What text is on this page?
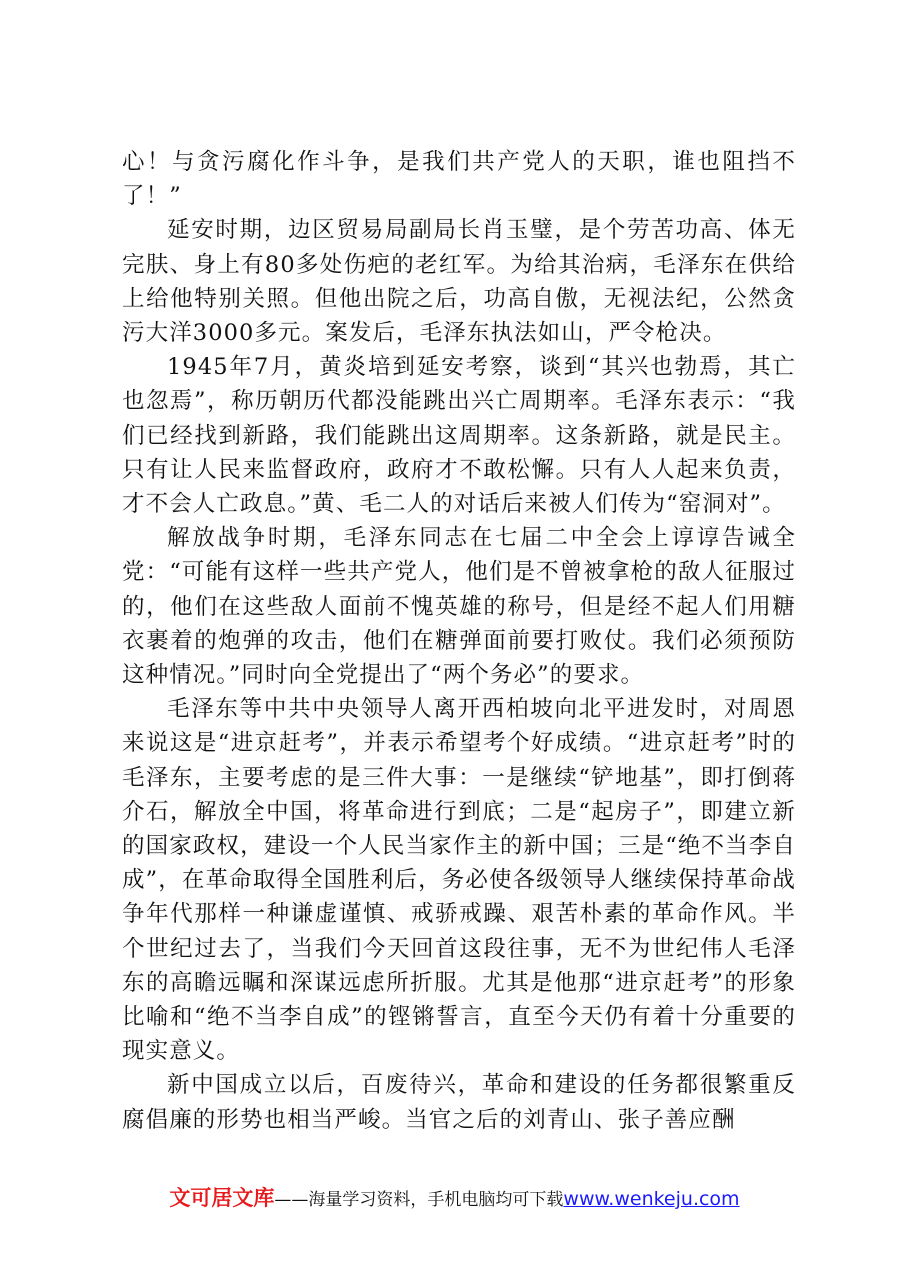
心！与贪污腐化作斗争，是我们共产党人的天职，谁也阻挡不了！”

延安时期，边区贸易局副局长肖玉璧，是个劳苦功高、体无完肤、身上有80多处伤疤的老红军。为给其治病，毛泽东在供给上给他特别关照。但他出院之后，功高自傲，无视法纪，公然贪污大洋3000多元。案发后，毛泽东执法如山，严令枪决。

1945年7月，黄炎培到延安考察，谈到“其兴也勃焉，其亡也忽焉”，称历朝历代都没能跳出兴亡周期率。毛泽东表示：“我们已经找到新路，我们能跳出这周期率。这条新路，就是民主。只有让人民来监督政府，政府才不敢松懈。只有人人起来负责，才不会人亡政息。”黄、毛二人的对话后来被人们传为“窑洞对”。

解放战争时期，毛泽东同志在七届二中全会上谆谆告诫全党：“可能有这样一些共产党人，他们是不曾被拿枪的敌人征服过的，他们在这些敌人面前不愧英雄的称号，但是经不起人们用糖衣裹着的炮弹的攻击，他们在糖弹面前要打败仗。我们必须预防这种情况。”同时向全党提出了“两个务必”的要求。

毛泽东等中共中央领导人离开西柏坡向北平进发时，对周恩来说这是“进京赶考”，并表示希望考个好成绩。“进京赶考”时的毛泽东，主要考虑的是三件大事：一是继续“铲地基”，即打倒蒋介石，解放全中国，将革命进行到底；二是“起房子”，即建立新的国家政权，建设一个人民当家作主的新中国；三是“绝不当李自成”，在革命取得全国胜利后，务必使各级领导人继续保持革命战争年代那样一种谦虚谨慎、戒骄戒躁、艰苦朴素的革命作风。半个世纪过去了，当我们今天回首这段往事，无不为世纪伟人毛泽东的高瞻远瞩和深谋远虑所折服。尤其是他那“进京赶考”的形象比喻和“绝不当李自成”的铿锵誓言，直至今天仍有着十分重要的现实意义。

新中国成立以后，百废待兴，革命和建设的任务都很繁重反腐倡廉的形势也相当严峻。当官之后的刘青山、张子善应酬

文可居文库——海量学习资料，手机电脑均可下载www.wenkeju.com
